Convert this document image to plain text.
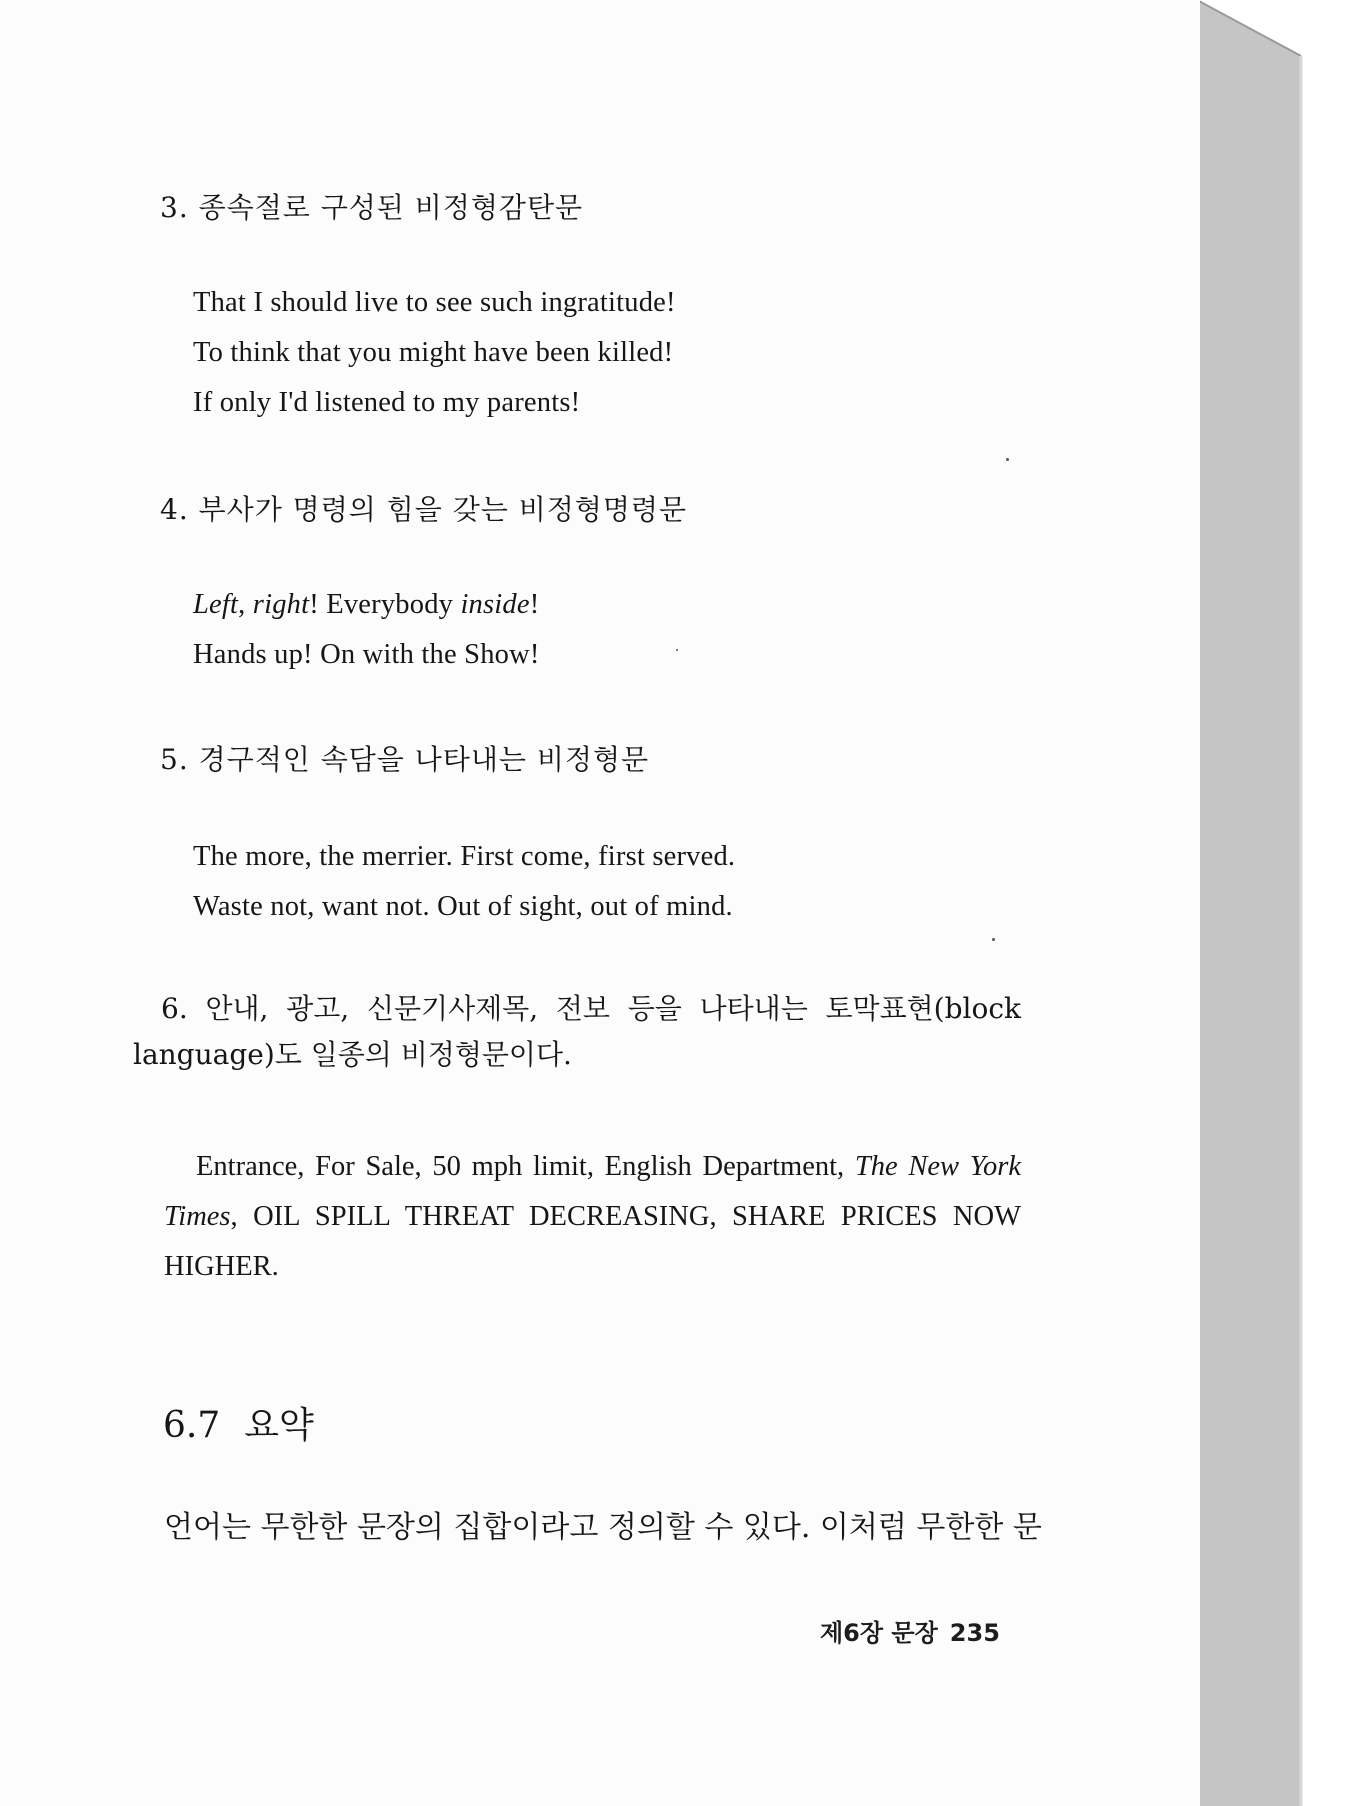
3. 종속절로 구성된 비정형감탄문
That I should live to see such ingratitude!
To think that you might have been killed!
If only I'd listened to my parents!
4. 부사가 명령의 힘을 갖는 비정형명령문
Left, right! Everybody inside!
Hands up! On with the Show!
5. 경구적인 속담을 나타내는 비정형문
The more, the merrier. First come, first served.
Waste not, want not. Out of sight, out of mind.
6. 안내, 광고, 신문기사제목, 전보 등을 나타내는 토막표현(block
language)도 일종의 비정형문이다.
Entrance, For Sale, 50 mph limit, English Department, The New York
Times, OIL SPILL THREAT DECREASING, SHARE PRICES NOW
HIGHER.
6.7 요약
언어는 무한한 문장의 집합이라고 정의할 수 있다. 이처럼 무한한 문
제6장 문장 235
